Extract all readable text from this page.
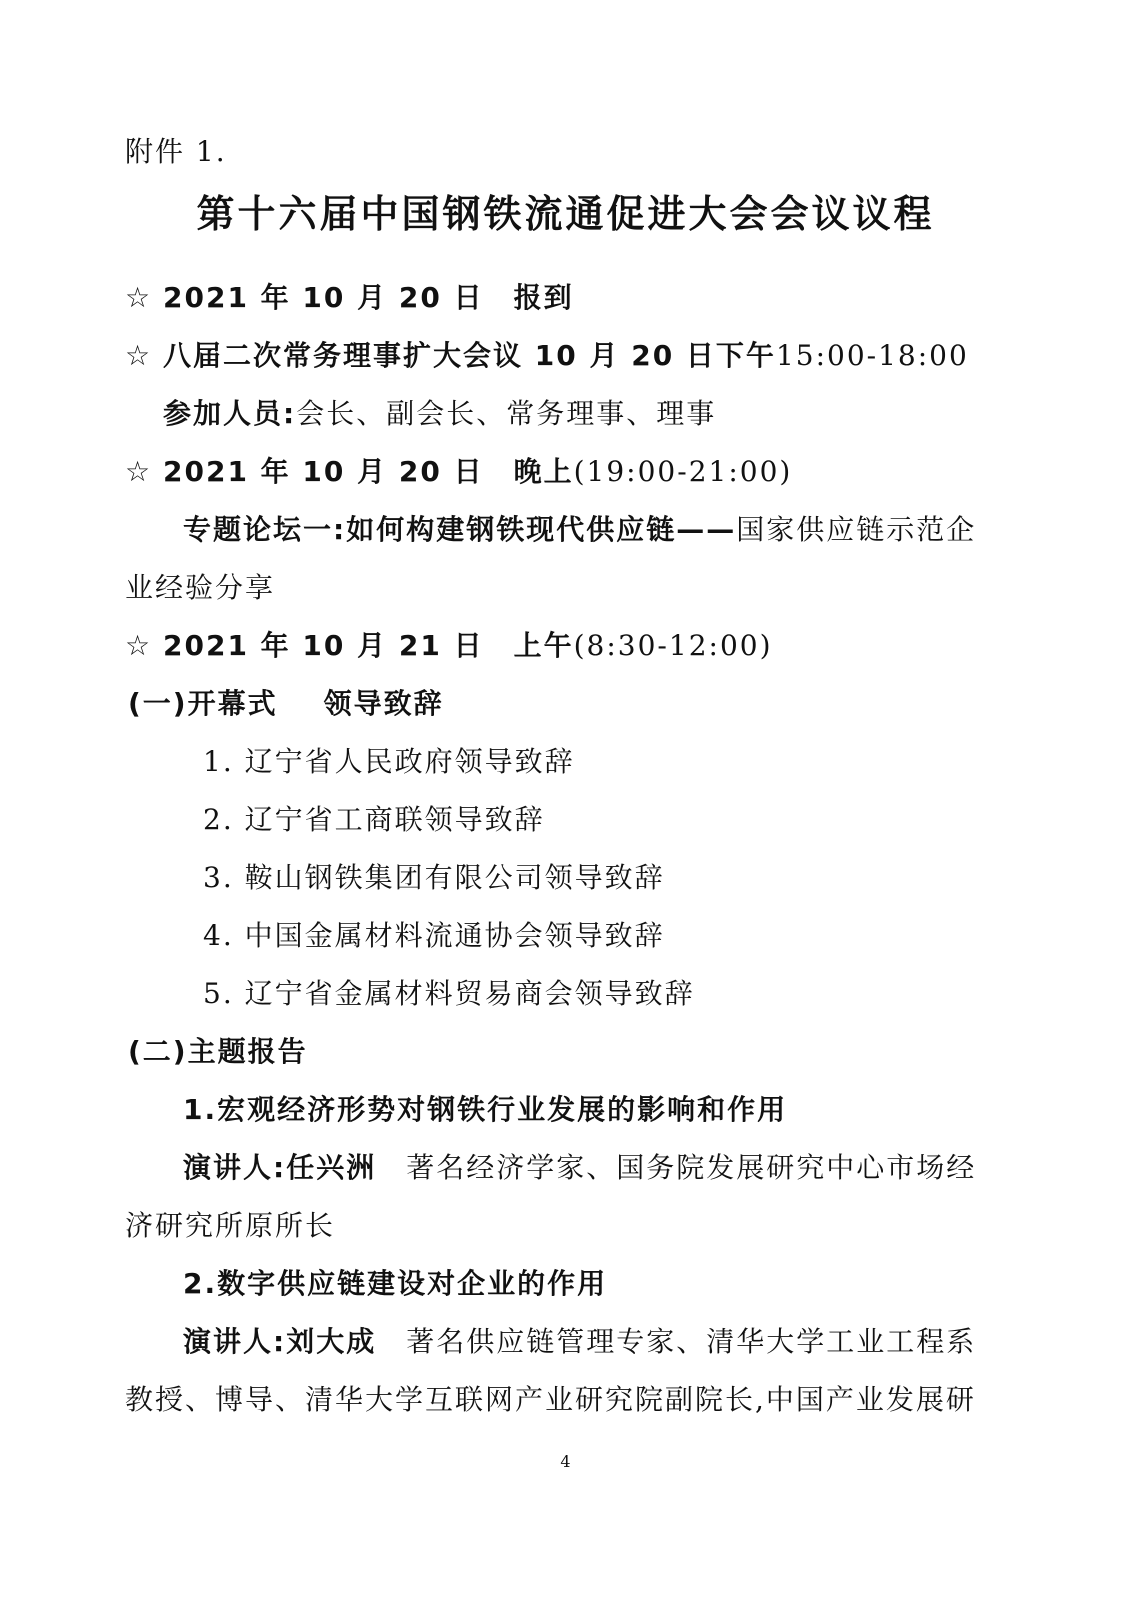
附件 1.
第十六届中国钢铁流通促进大会会议议程
☆ 2021 年 10 月 20 日 报到
☆ 八届二次常务理事扩大会议 10 月 20 日下午15:00-18:00
参加人员:会长、副会长、常务理事、理事
☆ 2021 年 10 月 20 日 晚上(19:00-21:00)
专题论坛一:如何构建钢铁现代供应链——国家供应链示范企
业经验分享
☆ 2021 年 10 月 21 日 上午(8:30-12:00)
(一)开幕式 领导致辞
1. 辽宁省人民政府领导致辞
2. 辽宁省工商联领导致辞
3. 鞍山钢铁集团有限公司领导致辞
4. 中国金属材料流通协会领导致辞
5. 辽宁省金属材料贸易商会领导致辞
(二)主题报告
1.宏观经济形势对钢铁行业发展的影响和作用
演讲人:任兴洲 著名经济学家、国务院发展研究中心市场经
济研究所原所长
2.数字供应链建设对企业的作用
演讲人:刘大成 著名供应链管理专家、清华大学工业工程系
教授、博导、清华大学互联网产业研究院副院长,中国产业发展研
4
